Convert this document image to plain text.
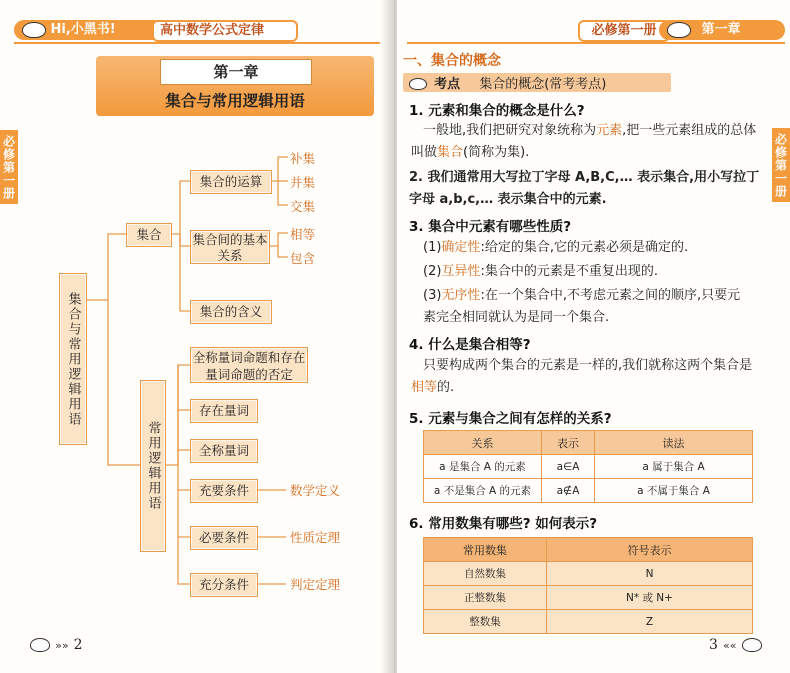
Hi,小黑书!	高中数学公式定律
第一章
集合与常用逻辑用语
必修第一册
集合与常用逻辑用语
集合
集合的运算
补集
并集
交集
集合间的基本关系
相等
包含
集合的含义
常用逻辑用语
全称量词命题和存在量词命题的否定
存在量词
全称量词
充要条件	数学定义
必要条件	性质定理
充分条件	判定定理
»» 2
必修第一册	第一章
必修第一册
一、集合的概念
考点 集合的概念(常考考点)
1. 元素和集合的概念是什么?
一般地,我们把研究对象统称为元素,把一些元素组成的总体叫做集合(简称为集).
2. 我们通常用大写拉丁字母 A,B,C,… 表示集合,用小写拉丁字母 a,b,c,… 表示集合中的元素.
3. 集合中元素有哪些性质?
(1)确定性:给定的集合,它的元素必须是确定的.
(2)互异性:集合中的元素是不重复出现的.
(3)无序性:在一个集合中,不考虑元素之间的顺序,只要元素完全相同就认为是同一个集合.
4. 什么是集合相等?
只要构成两个集合的元素是一样的,我们就称这两个集合是相等的.
5. 元素与集合之间有怎样的关系?
关系	表示	读法
a 是集合 A 的元素	a∈A	a 属于集合 A
a 不是集合 A 的元素	a∉A	a 不属于集合 A
6. 常用数集有哪些? 如何表示?
常用数集	符号表示
自然数集	N
正整数集	N* 或 N+
整数集	Z
3 ««
